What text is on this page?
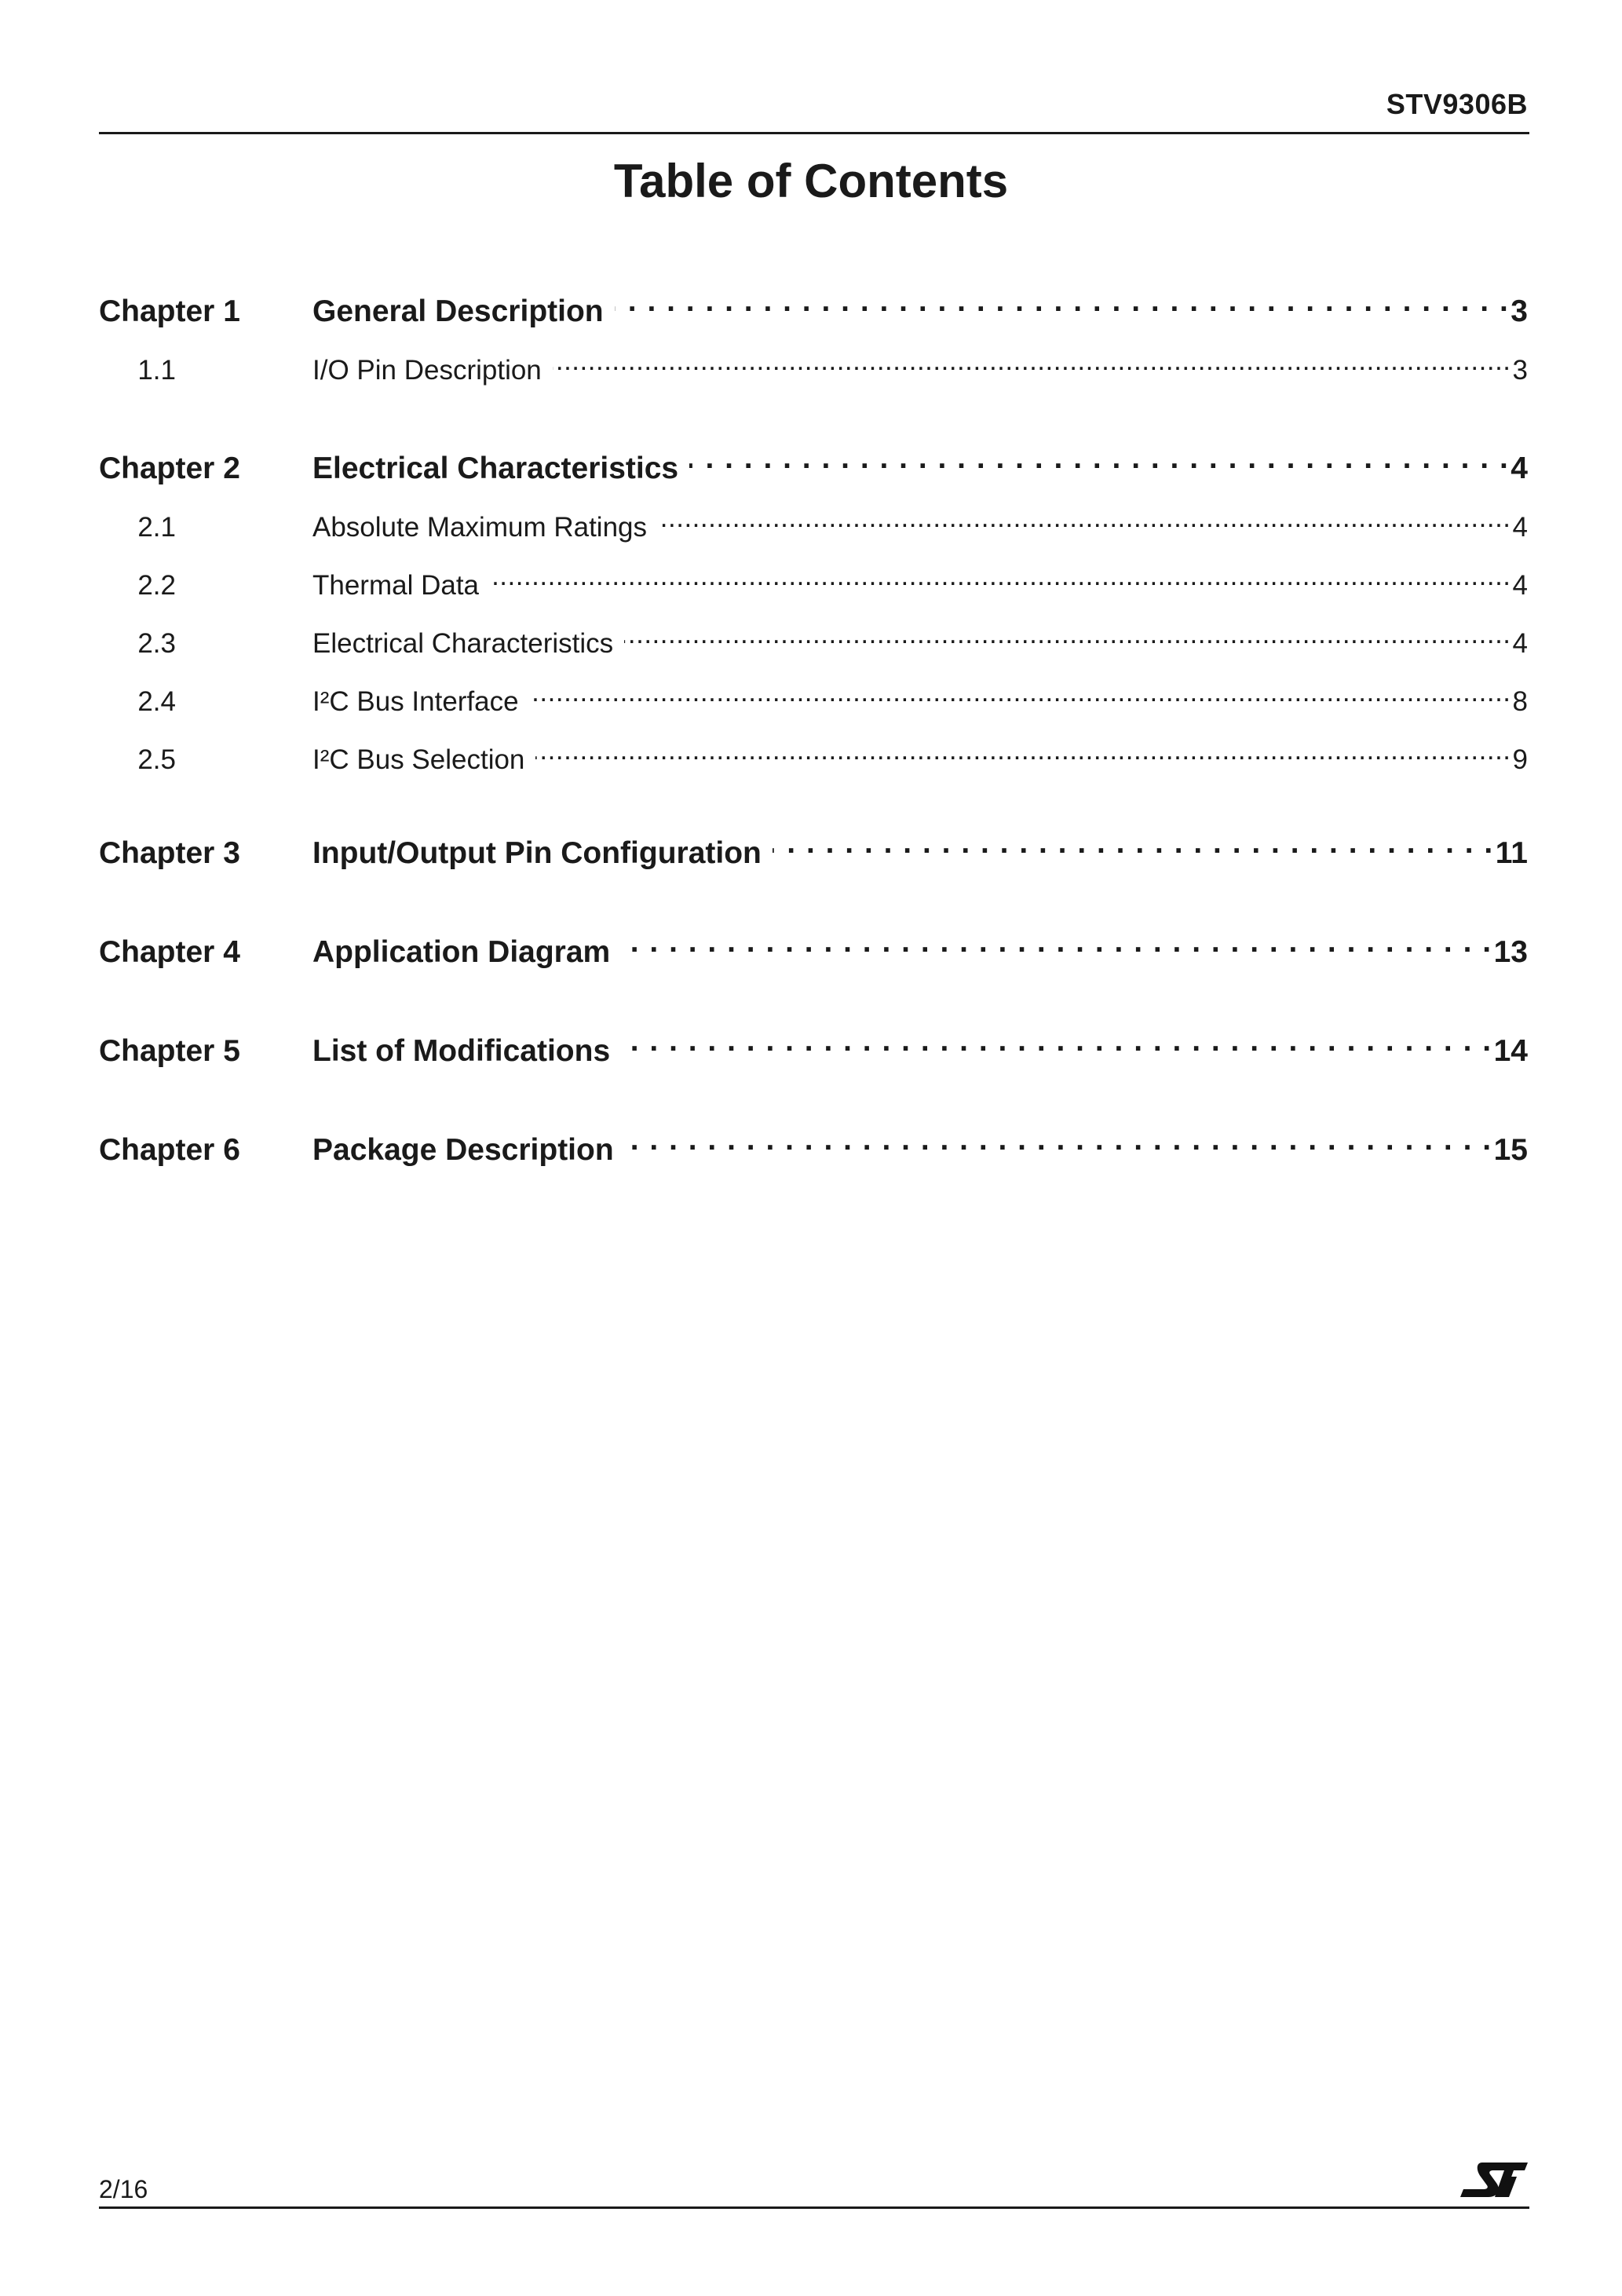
STV9306B
Table of Contents
Chapter 1	General Description . . .	3
1.1	I/O Pin Description .....	3
Chapter 2	Electrical Characteristics . . .	4
2.1	Absolute Maximum Ratings .....	4
2.2	Thermal Data .....	4
2.3	Electrical Characteristics .....	4
2.4	I²C Bus Interface .....	8
2.5	I²C Bus Selection .....	9
Chapter 3	Input/Output Pin Configuration . . .	11
Chapter 4	Application Diagram . . .	13
Chapter 5	List of Modifications . . .	14
Chapter 6	Package Description . . .	15
2/16
